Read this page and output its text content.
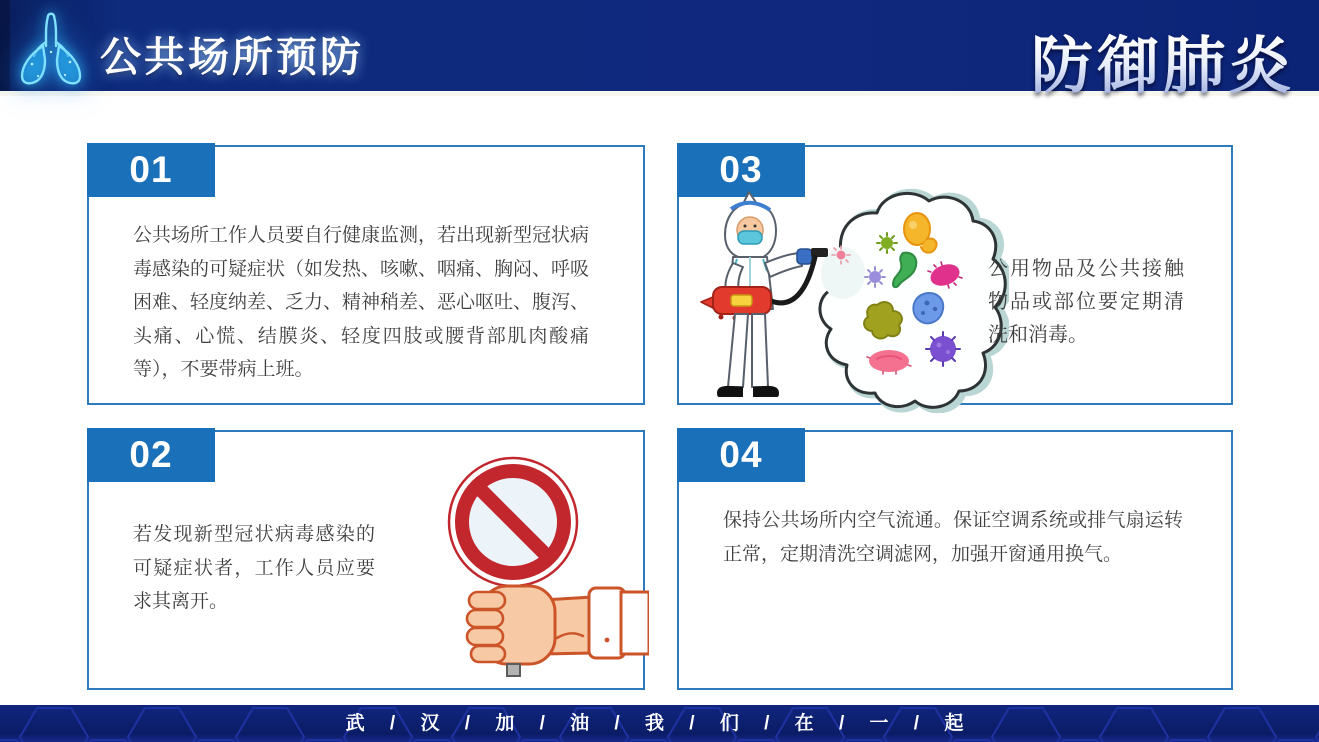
公共场所预防	防御肺炎
01

公共场所工作人员要自行健康监测，若出现新型冠状病毒感染的可疑症状（如发热、咳嗽、咽痛、胸闷、呼吸困难、轻度纳差、乏力、精神稍差、恶心呕吐、腹泻、头痛、心慌、结膜炎、轻度四肢或腰背部肌肉酸痛等），不要带病上班。

02

若发现新型冠状病毒感染的可疑症状者，工作人员应要求其离开。

03

公用物品及公共接触物品或部位要定期清洗和消毒。

04

保持公共场所内空气流通。保证空调系统或排气扇运转正常，定期清洗空调滤网，加强开窗通用换气。

武 / 汉 / 加 / 油 / 我 / 们 / 在 / 一 / 起
